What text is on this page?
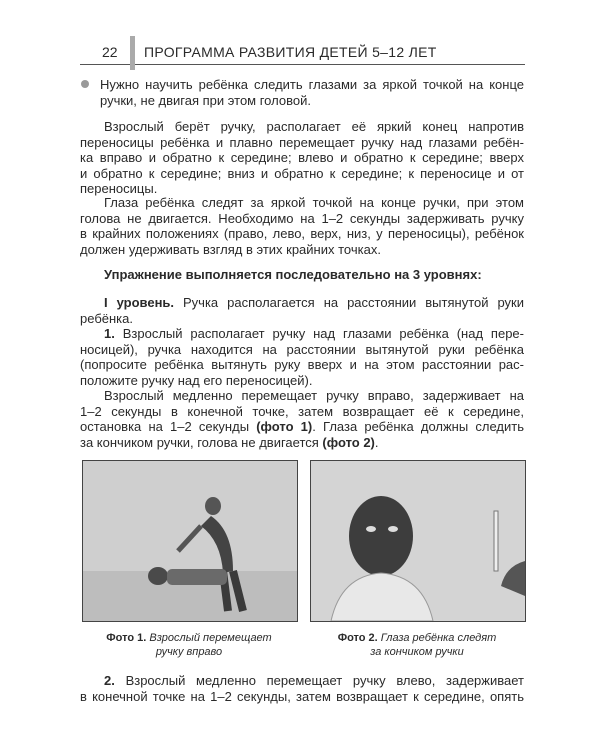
22 ПРОГРАММА РАЗВИТИЯ ДЕТЕЙ 5–12 ЛЕТ
Нужно научить ребёнка следить глазами за яркой точкой на конце
ручки, не двигая при этом головой.
Взрослый берёт ручку, располагает её яркий конец напротив
переносицы ребёнка и плавно перемещает ручку над глазами ребён-
ка вправо и обратно к середине; влево и обратно к середине; вверх
и обратно к середине; вниз и обратно к середине; к переносице и от
переносицы.
Глаза ребёнка следят за яркой точкой на конце ручки, при этом
голова не двигается. Необходимо на 1–2 секунды задерживать ручку
в крайних положениях (право, лево, верх, низ, у переносицы), ребёнок
должен удерживать взгляд в этих крайних точках.
Упражнение выполняется последовательно на 3 уровнях:
I уровень. Ручка располагается на расстоянии вытянутой руки
ребёнка.
1. Взрослый располагает ручку над глазами ребёнка (над пере-
носицей), ручка находится на расстоянии вытянутой руки ребёнка
(попросите ребёнка вытянуть руку вверх и на этом расстоянии рас-
положите ручку над его переносицей).
Взрослый медленно перемещает ручку вправо, задерживает на
1–2 секунды в конечной точке, затем возвращает её к середине,
остановка на 1–2 секунды (фото 1). Глаза ребёнка должны следить
за кончиком ручки, голова не двигается (фото 2).
Фото 1. Взрослый перемещает
ручку вправо
Фото 2. Глаза ребёнка следят
за кончиком ручки
2. Взрослый медленно перемещает ручку влево, задерживает
в конечной точке на 1–2 секунды, затем возвращает к середине, опять
